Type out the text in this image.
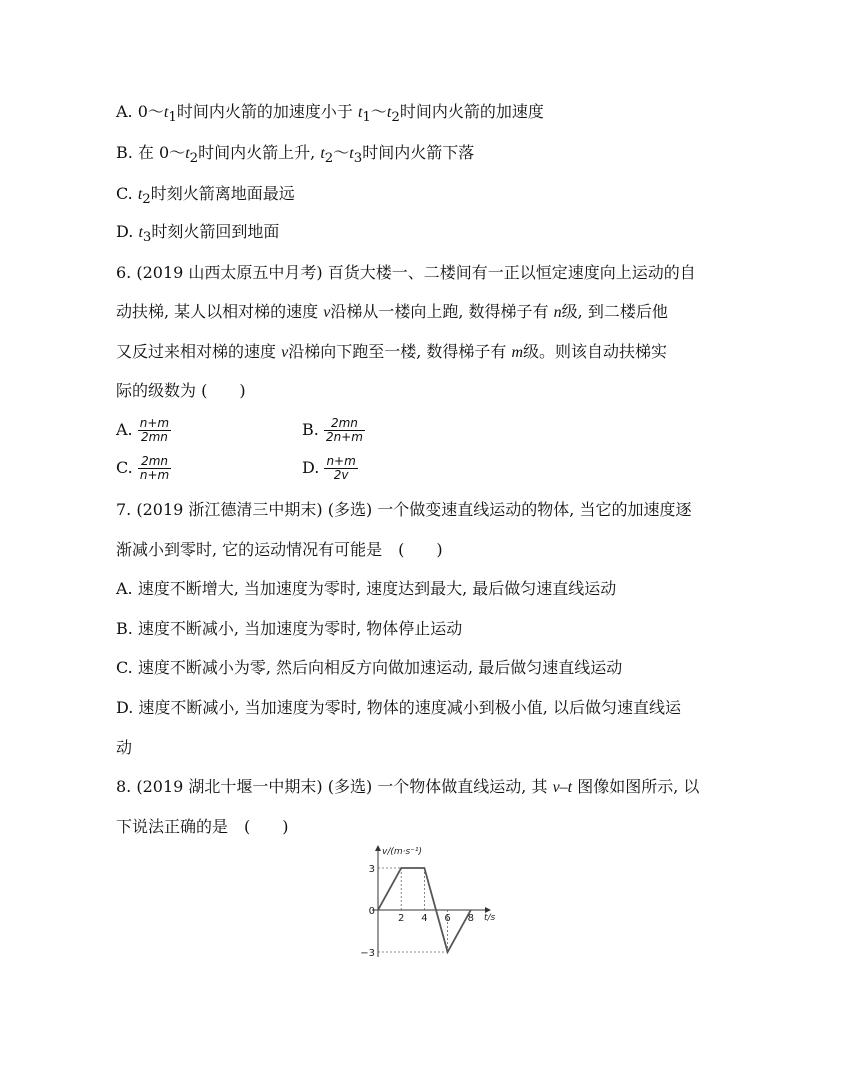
A. $0\sim t_1$时间内火箭的加速度小于 $t_1\sim t_2$时间内火箭的加速度
B. 在 $0\sim t_2$时间内火箭上升, $t_2\sim t_3$时间内火箭下落
C. $t_2$时刻火箭离地面最远
D. $t_3$时刻火箭回到地面
6. (2019 山西太原五中月考) 百货大楼一、二楼间有一正以恒定速度向上运动的自
动扶梯, 某人以相对梯的速度 v沿梯从一楼向上跑, 数得梯子有 n级, 到二楼后他
又反过来相对梯的速度 v沿梯向下跑至一楼, 数得梯子有 m级。则该自动扶梯实
际的级数为 (　　)
A. $\frac{n+m}{2mn}$	B. $\frac{2mn}{2n+m}$
C. $\frac{2mn}{n+m}$	D. $\frac{n+m}{2v}$
7. (2019 浙江德清三中期末) (多选) 一个做变速直线运动的物体, 当它的加速度逐
渐减小到零时, 它的运动情况有可能是　(　　)
A. 速度不断增大, 当加速度为零时, 速度达到最大, 最后做匀速直线运动
B. 速度不断减小, 当加速度为零时, 物体停止运动
C. 速度不断减小为零, 然后向相反方向做加速运动, 最后做匀速直线运动
D. 速度不断减小, 当加速度为零时, 物体的速度减小到极小值, 以后做匀速直线运
动
8. (2019 湖北十堰一中期末) (多选) 一个物体做直线运动, 其 v–t 图像如图所示, 以
下说法正确的是　(　　)
v/(m·s⁻¹)
t/s
3
0
−3
2 4 6 8
